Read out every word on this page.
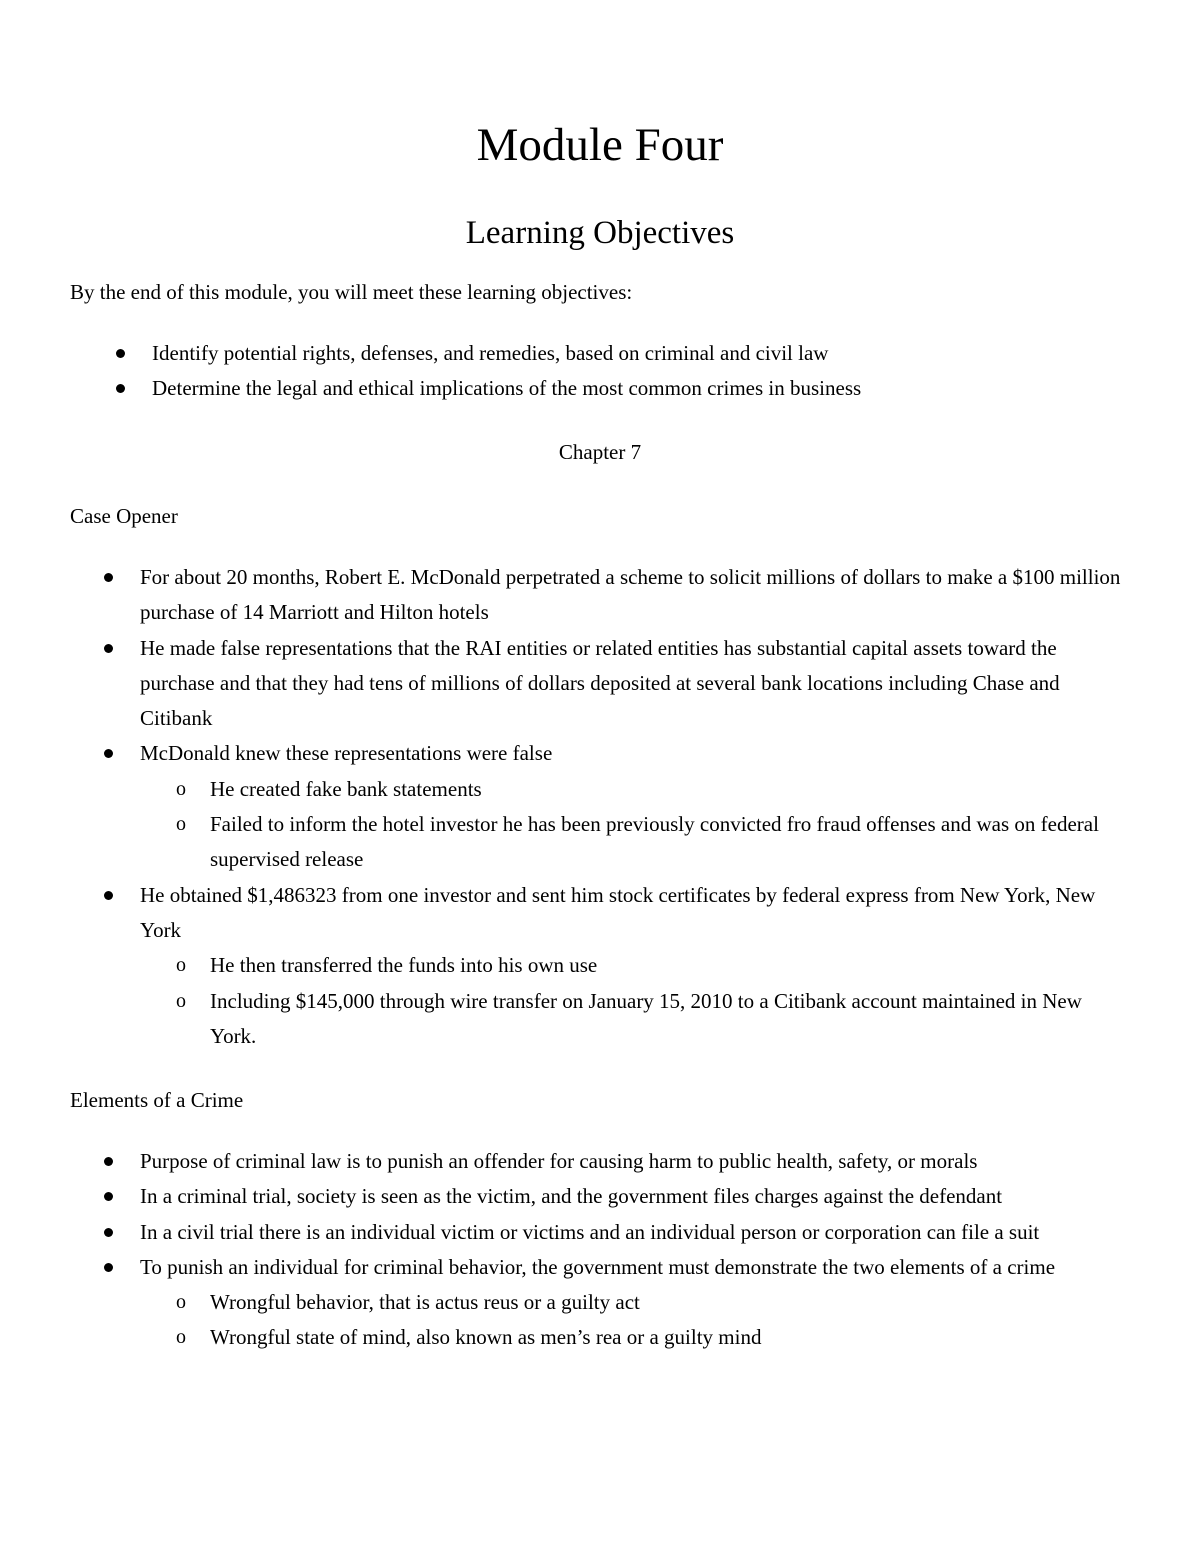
Module Four
Learning Objectives

By the end of this module, you will meet these learning objectives:

Identify potential rights, defenses, and remedies, based on criminal and civil law
Determine the legal and ethical implications of the most common crimes in business

Chapter 7

Case Opener
For about 20 months, Robert E. McDonald perpetrated a scheme to solicit millions of dollars to make a $100 million purchase of 14 Marriott and Hilton hotels
He made false representations that the RAI entities or related entities has substantial capital assets toward the purchase and that they had tens of millions of dollars deposited at several bank locations including Chase and Citibank
McDonald knew these representations were false
o He created fake bank statements
o Failed to inform the hotel investor he has been previously convicted fro fraud offenses and was on federal supervised release
He obtained $1,486323 from one investor and sent him stock certificates by federal express from New York, New York
o He then transferred the funds into his own use
o Including $145,000 through wire transfer on January 15, 2010 to a Citibank account maintained in New York.
Elements of a Crime
Purpose of criminal law is to punish an offender for causing harm to public health, safety, or morals
In a criminal trial, society is seen as the victim, and the government files charges against the defendant
In a civil trial there is an individual victim or victims and an individual person or corporation can file a suit
To punish an individual for criminal behavior, the government must demonstrate the two elements of a crime
o Wrongful behavior, that is actus reus or a guilty act
o Wrongful state of mind, also known as men’s rea or a guilty mind
